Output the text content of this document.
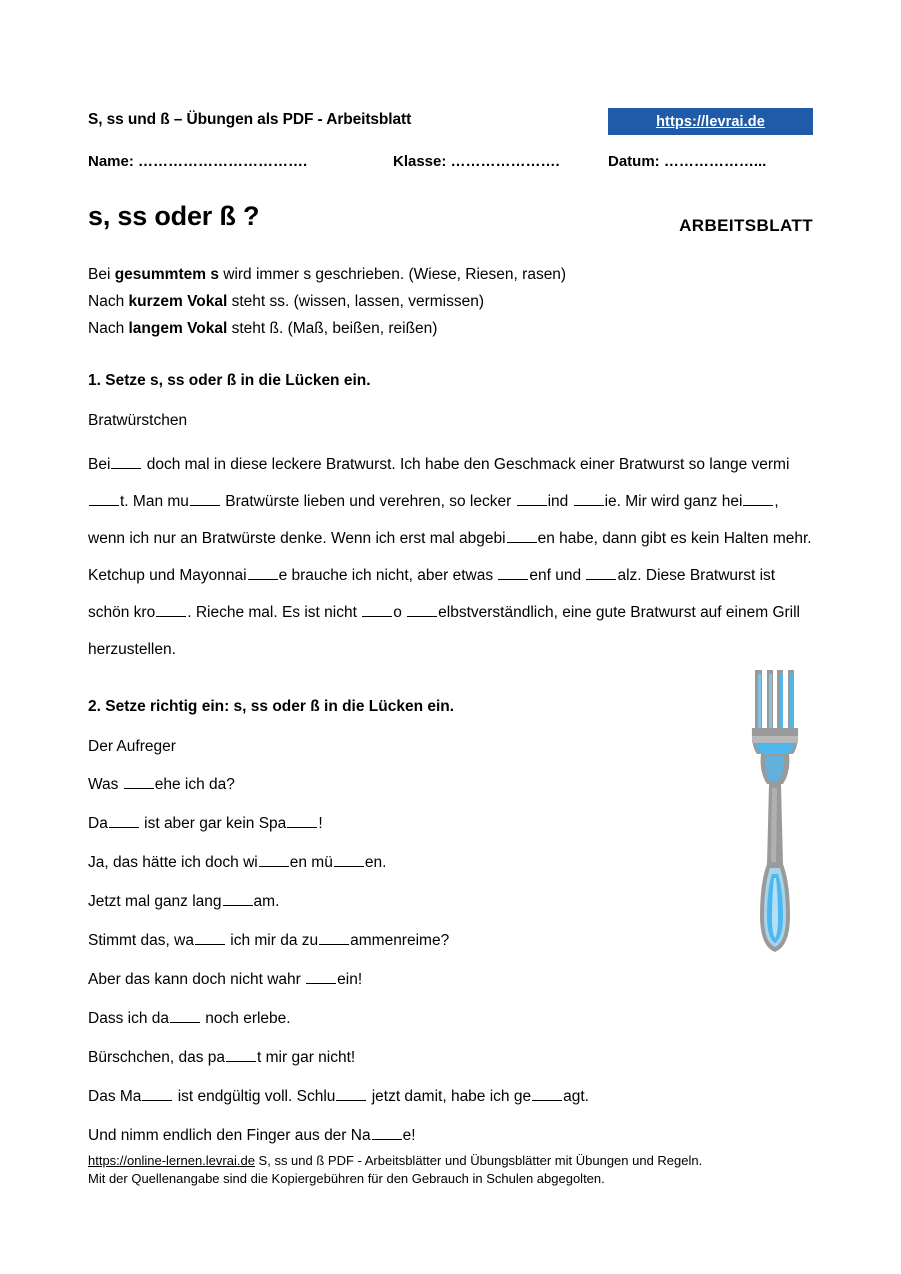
S, ss und ß – Übungen als PDF - Arbeitsblatt	https://levrai.de
Name: …………………………….	Klasse: ………………….	Datum: ………………...
s, ss oder ß ?	ARBEITSBLATT
Bei gesummtem s wird immer s geschrieben. (Wiese, Riesen, rasen)
Nach kurzem Vokal steht ss. (wissen, lassen, vermissen)
Nach langem Vokal steht ß. (Maß, beißen, reißen)
1. Setze s, ss oder ß in die Lücken ein.
Bratwürstchen
Bei doch mal in diese leckere Bratwurst. Ich habe den Geschmack einer Bratwurst so lange vermit. Man mu Bratwürste lieben und verehren, so lecker ind ie. Mir wird ganz hei , wenn ich nur an Bratwürste denke. Wenn ich erst mal abgebi en habe, dann gibt es kein Halten mehr. Ketchup und Mayonnai e brauche ich nicht, aber etwas enf und alz. Diese Bratwurst ist schön kro . Rieche mal. Es ist nicht o elbstverständlich, eine gute Bratwurst auf einem Grill herzustellen.
2. Setze richtig ein: s, ss oder ß in die Lücken ein.
Der Aufreger
Was ehe ich da?
Da ist aber gar kein Spa !
Ja, das hätte ich doch wi en mü en.
Jetzt mal ganz lang am.
Stimmt das, wa ich mir da zu ammenreime?
Aber das kann doch nicht wahr ein!
Dass ich da noch erlebe.
Bürschchen, das pa t mir gar nicht!
Das Ma ist endgültig voll. Schlu jetzt damit, habe ich ge agt.
Und nimm endlich den Finger aus der Na e!
https://online-lernen.levrai.de S, ss und ß PDF - Arbeitsblätter und Übungsblätter mit Übungen und Regeln.
Mit der Quellenangabe sind die Kopiergebühren für den Gebrauch in Schulen abgegolten.
